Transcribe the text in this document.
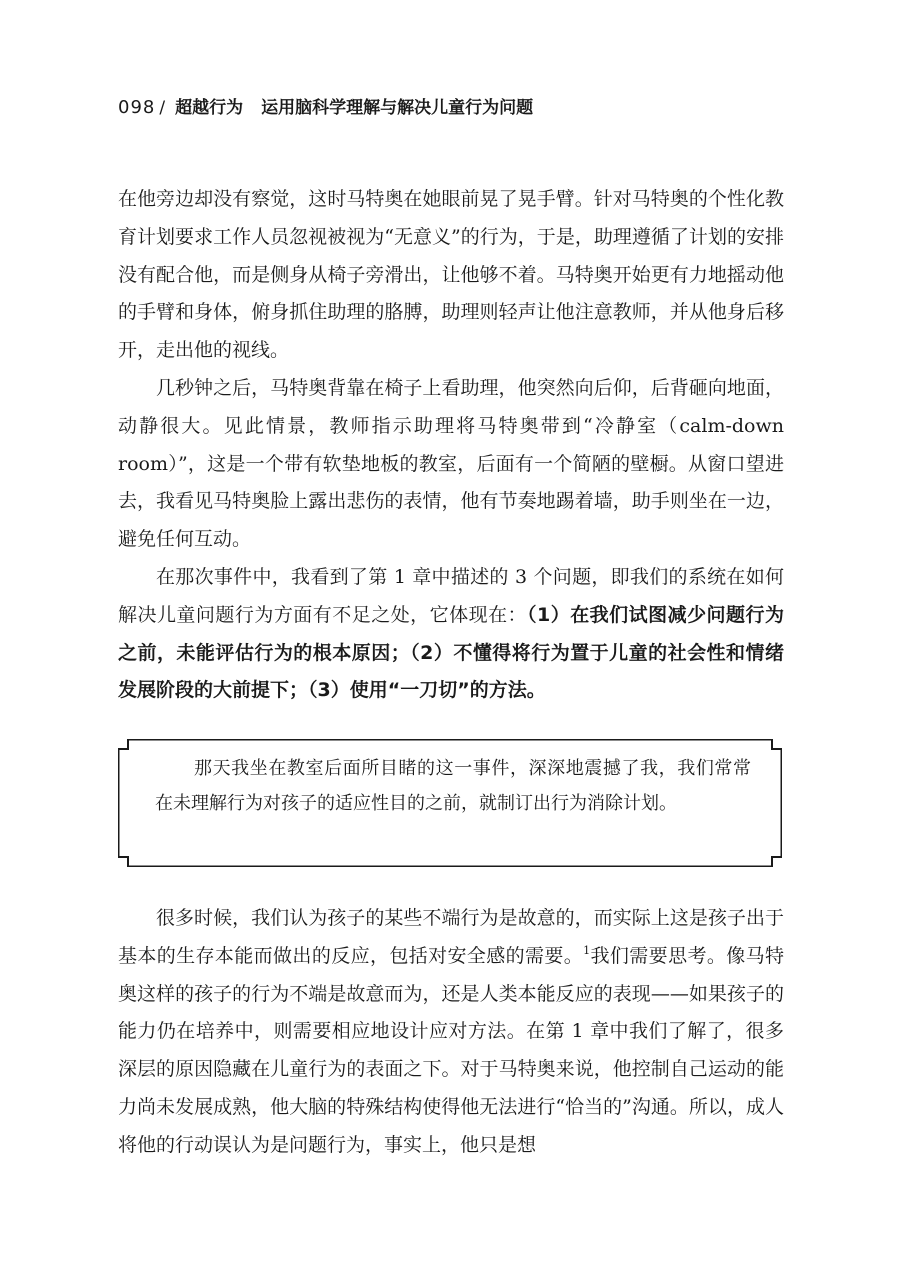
098 / 超越行为 运用脑科学理解与解决儿童行为问题

在他旁边却没有察觉，这时马特奥在她眼前晃了晃手臂。针对马特奥的个性化教育计划要求工作人员忽视被视为“无意义”的行为，于是，助理遵循了计划的安排没有配合他，而是侧身从椅子旁滑出，让他够不着。马特奥开始更有力地摇动他的手臂和身体，俯身抓住助理的胳膊，助理则轻声让他注意教师，并从他身后移开，走出他的视线。

几秒钟之后，马特奥背靠在椅子上看助理，他突然向后仰，后背砸向地面，动静很大。见此情景，教师指示助理将马特奥带到“冷静室（calm-down room）”，这是一个带有软垫地板的教室，后面有一个简陋的壁橱。从窗口望进去，我看见马特奥脸上露出悲伤的表情，他有节奏地踢着墙，助手则坐在一边，避免任何互动。

在那次事件中，我看到了第 1 章中描述的 3 个问题，即我们的系统在如何解决儿童问题行为方面有不足之处，它体现在：（1）在我们试图减少问题行为之前，未能评估行为的根本原因；（2）不懂得将行为置于儿童的社会性和情绪发展阶段的大前提下；（3）使用“一刀切”的方法。

那天我坐在教室后面所目睹的这一事件，深深地震撼了我，我们常常在未理解行为对孩子的适应性目的之前，就制订出行为消除计划。

很多时候，我们认为孩子的某些不端行为是故意的，而实际上这是孩子出于基本的生存本能而做出的反应，包括对安全感的需要。$^1$我们需要思考。像马特奥这样的孩子的行为不端是故意而为，还是人类本能反应的表现——如果孩子的能力仍在培养中，则需要相应地设计应对方法。在第 1 章中我们了解了，很多深层的原因隐藏在儿童行为的表面之下。对于马特奥来说，他控制自己运动的能力尚未发展成熟，他大脑的特殊结构使得他无法进行“恰当的”沟通。所以，成人将他的行动误认为是问题行为，事实上，他只是想
